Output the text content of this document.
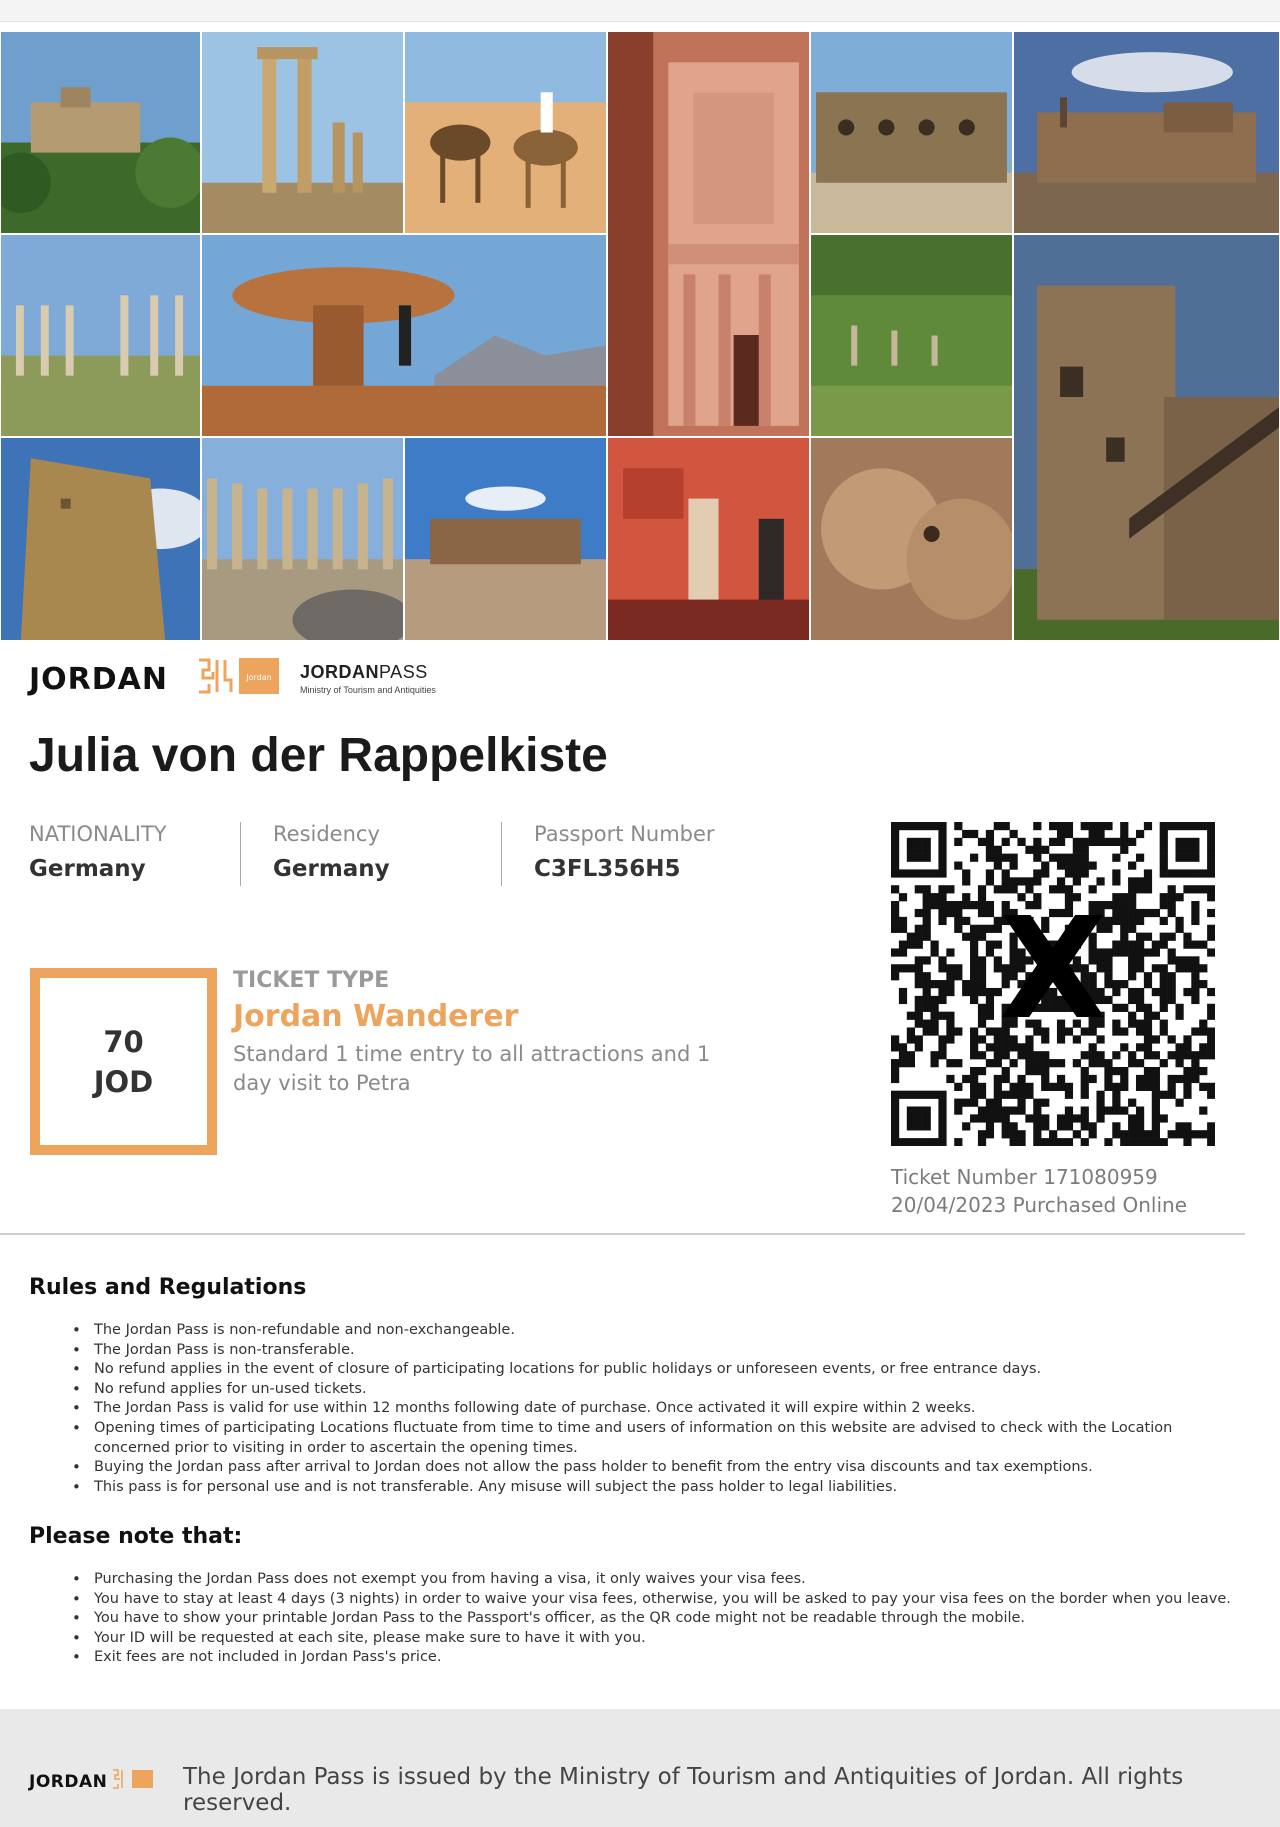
JORDAN	Jordan JORDANPASS
Ministry of Tourism and Antiquities
Julia von der Rappelkiste
NATIONALITY
Germany
Residency
Germany
Passport Number
C3FL356H5
70
JOD
TICKET TYPE
Jordan Wanderer
Standard 1 time entry to all attractions and 1 day visit to Petra
X
Ticket Number 171080959
20/04/2023 Purchased Online
Rules and Regulations
• The Jordan Pass is non-refundable and non-exchangeable.
• The Jordan Pass is non-transferable.
• No refund applies in the event of closure of participating locations for public holidays or unforeseen events, or free entrance days.
• No refund applies for un-used tickets.
• The Jordan Pass is valid for use within 12 months following date of purchase. Once activated it will expire within 2 weeks.
• Opening times of participating Locations fluctuate from time to time and users of information on this website are advised to check with the Location concerned prior to visiting in order to ascertain the opening times.
• Buying the Jordan pass after arrival to Jordan does not allow the pass holder to benefit from the entry visa discounts and tax exemptions.
• This pass is for personal use and is not transferable. Any misuse will subject the pass holder to legal liabilities.
Please note that:
• Purchasing the Jordan Pass does not exempt you from having a visa, it only waives your visa fees.
• You have to stay at least 4 days (3 nights) in order to waive your visa fees, otherwise, you will be asked to pay your visa fees on the border when you leave.
• You have to show your printable Jordan Pass to the Passport's officer, as the QR code might not be readable through the mobile.
• Your ID will be requested at each site, please make sure to have it with you.
• Exit fees are not included in Jordan Pass's price.
JORDAN	The Jordan Pass is issued by the Ministry of Tourism and Antiquities of Jordan. All rights reserved.
